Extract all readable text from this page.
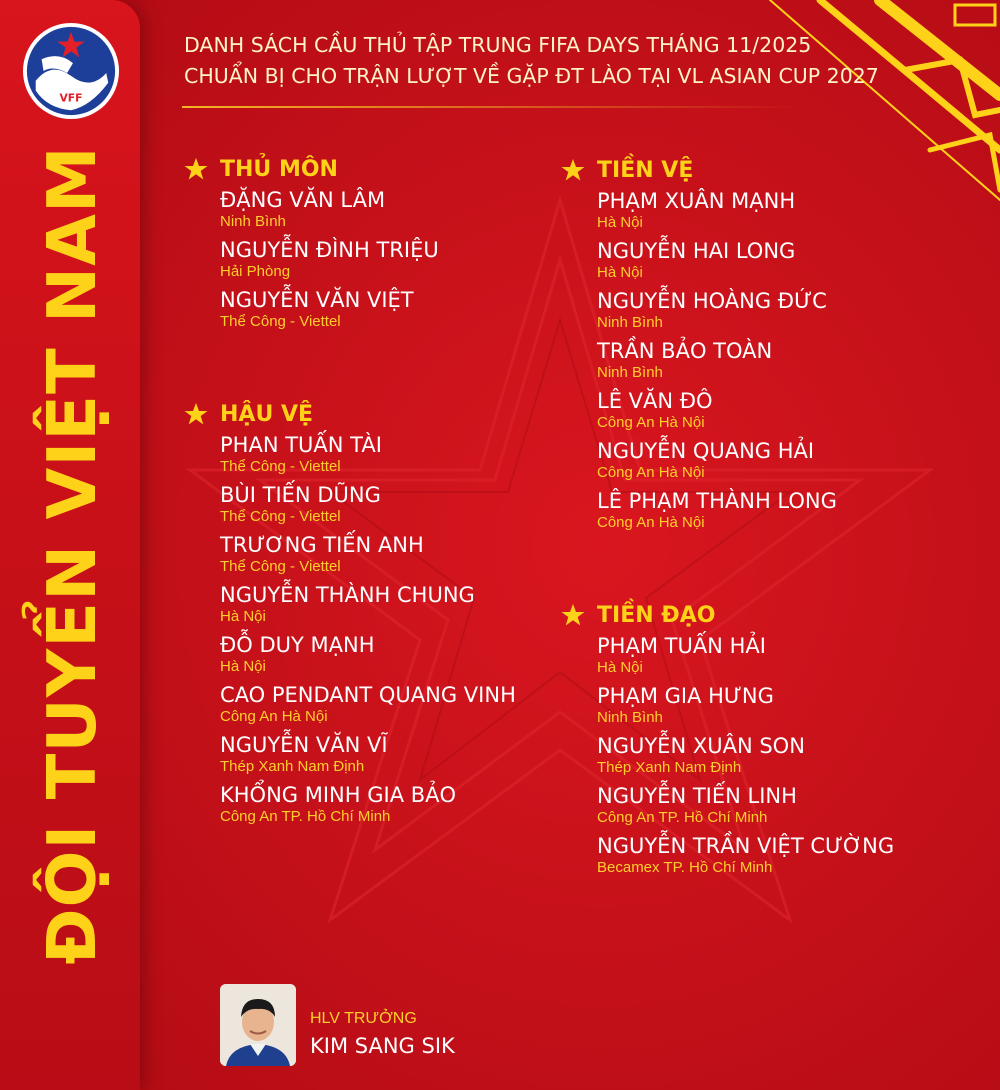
VFF
ĐỘI TUYỂN VIỆT NAM
DANH SÁCH CẦU THỦ TẬP TRUNG FIFA DAYS THÁNG 11/2025
CHUẨN BỊ CHO TRẬN LƯỢT VỀ GẶP ĐT LÀO TẠI VL ASIAN CUP 2027
THỦ MÔN
ĐẶNG VĂN LÂM
Ninh Bình
NGUYỄN ĐÌNH TRIỆU
Hải Phòng
NGUYỄN VĂN VIỆT
Thể Công - Viettel
HẬU VỆ
PHAN TUẤN TÀI
Thể Công - Viettel
BÙI TIẾN DŨNG
Thể Công - Viettel
TRƯƠNG TIẾN ANH
Thể Công - Viettel
NGUYỄN THÀNH CHUNG
Hà Nội
ĐỖ DUY MẠNH
Hà Nội
CAO PENDANT QUANG VINH
Công An Hà Nội
NGUYỄN VĂN VĨ
Thép Xanh Nam Định
KHỔNG MINH GIA BẢO
Công An TP. Hồ Chí Minh
TIỀN VỆ
PHẠM XUÂN MẠNH
Hà Nội
NGUYỄN HAI LONG
Hà Nội
NGUYỄN HOÀNG ĐỨC
Ninh Bình
TRẦN BẢO TOÀN
Ninh Bình
LÊ VĂN ĐÔ
Công An Hà Nội
NGUYỄN QUANG HẢI
Công An Hà Nội
LÊ PHẠM THÀNH LONG
Công An Hà Nội
TIỀN ĐẠO
PHẠM TUẤN HẢI
Hà Nội
PHẠM GIA HƯNG
Ninh Bình
NGUYỄN XUÂN SON
Thép Xanh Nam Định
NGUYỄN TIẾN LINH
Công An TP. Hồ Chí Minh
NGUYỄN TRẦN VIỆT CƯỜNG
Becamex TP. Hồ Chí Minh
HLV TRƯỞNG
KIM SANG SIK
